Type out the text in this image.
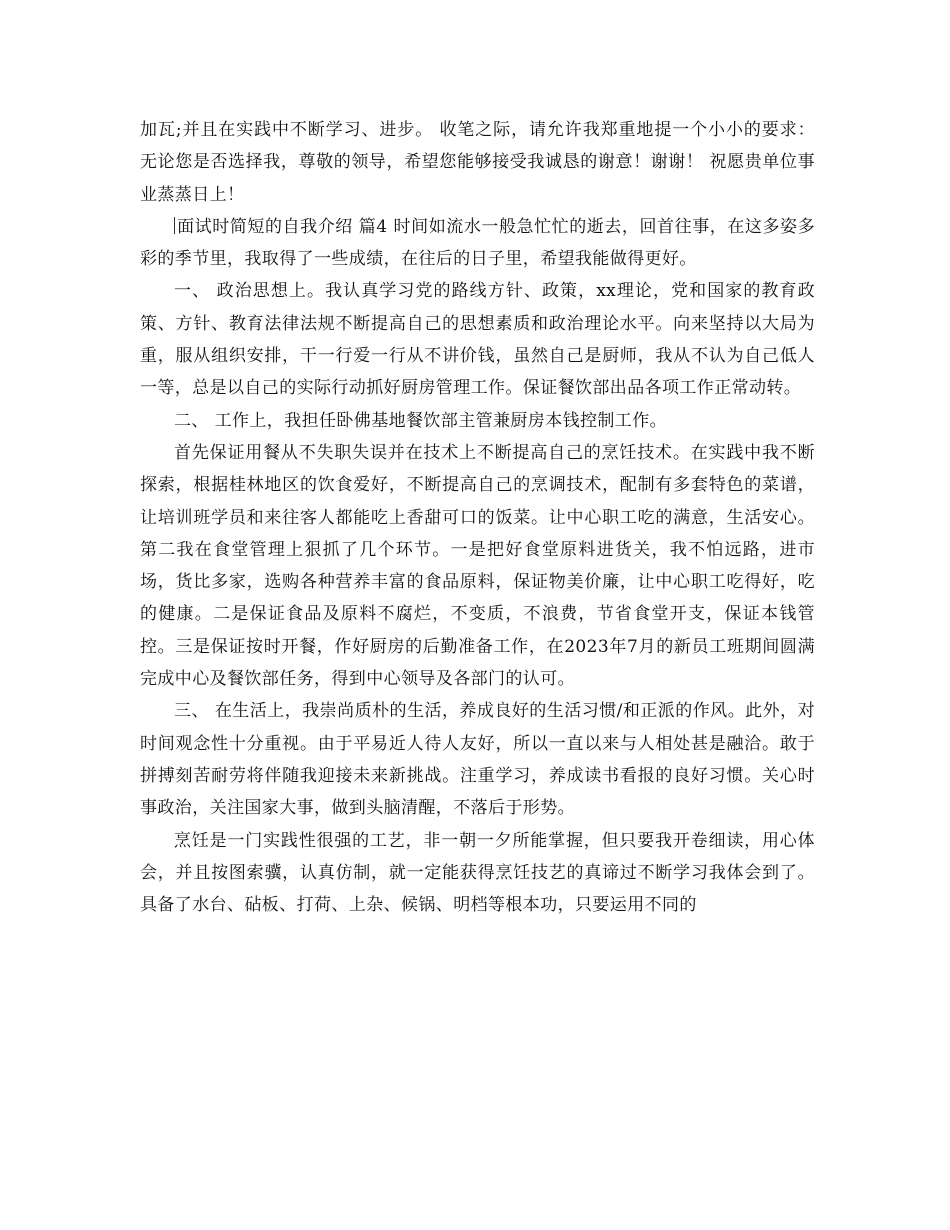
加瓦;并且在实践中不断学习、进步。 收笔之际，请允许我郑重地提一个小小的要求： 无论您是否选择我，尊敬的领导，希望您能够接受我诚恳的谢意！谢谢！ 祝愿贵单位事业蒸蒸日上！

面试时简短的自我介绍 篇4 时间如流水一般急忙忙的逝去，回首往事，在这多姿多彩的季节里，我取得了一些成绩，在往后的日子里，希望我能做得更好。

一、 政治思想上。我认真学习党的路线方针、政策，xx理论，党和国家的教育政策、方针、教育法律法规不断提高自己的思想素质和政治理论水平。向来坚持以大局为重，服从组织安排，干一行爱一行从不讲价钱，虽然自己是厨师，我从不认为自己低人一等，总是以自己的实际行动抓好厨房管理工作。保证餐饮部出品各项工作正常动转。

二、 工作上，我担任卧佛基地餐饮部主管兼厨房本钱控制工作。

首先保证用餐从不失职失误并在技术上不断提高自己的烹饪技术。在实践中我不断探索，根据桂林地区的饮食爱好，不断提高自己的烹调技术，配制有多套特色的菜谱，让培训班学员和来往客人都能吃上香甜可口的饭菜。让中心职工吃的满意，生活安心。第二我在食堂管理上狠抓了几个环节。一是把好食堂原料进货关，我不怕远路，进市场，货比多家，选购各种营养丰富的食品原料，保证物美价廉，让中心职工吃得好，吃的健康。二是保证食品及原料不腐烂，不变质，不浪费，节省食堂开支，保证本钱管控。三是保证按时开餐，作好厨房的后勤准备工作，在2023年7月的新员工班期间圆满完成中心及餐饮部任务，得到中心领导及各部门的认可。

三、 在生活上，我崇尚质朴的生活，养成良好的生活习惯/和正派的作风。此外，对时间观念性十分重视。由于平易近人待人友好，所以一直以来与人相处甚是融洽。敢于拼搏刻苦耐劳将伴随我迎接未来新挑战。注重学习，养成读书看报的良好习惯。关心时事政治，关注国家大事，做到头脑清醒，不落后于形势。

烹饪是一门实践性很强的工艺，非一朝一夕所能掌握，但只要我开卷细读，用心体会，并且按图索骥，认真仿制，就一定能获得烹饪技艺的真谛过不断学习我体会到了。具备了水台、砧板、打荷、上杂、候锅、明档等根本功，只要运用不同的
